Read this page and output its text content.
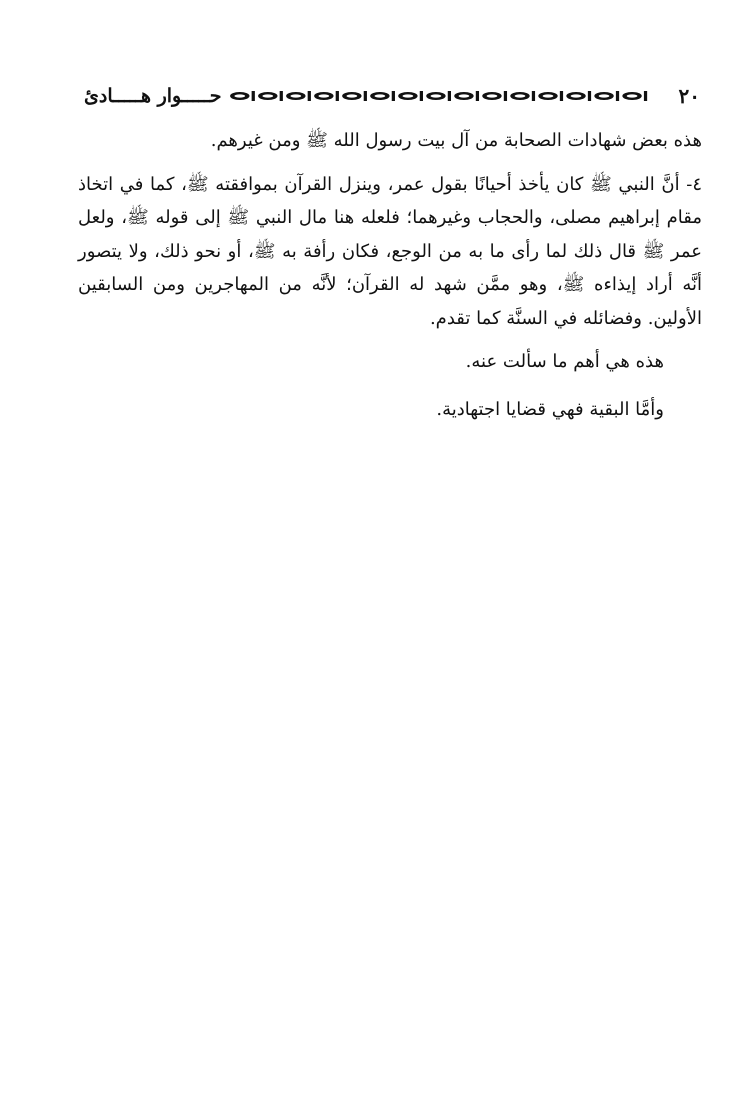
٢٠
حـــــوار هـــــادئ

هذه بعض شهادات الصحابة من آل بيت رسول الله ﷺ ومن غيرهم.

٤- أنَّ النبي ﷺ كان يأخذ أحيانًا بقول عمر، وينزل القرآن بموافقته ﷺ، كما في اتخاذ مقام إبراهيم مصلى، والحجاب وغيرهما؛ فلعله هنا مال النبي ﷺ إلى قوله ﷺ، ولعل عمر ﷺ قال ذلك لما رأى ما به من الوجع، فكان رأفة به ﷺ، أو نحو ذلك، ولا يتصور أنَّه أراد إيذاءه ﷺ، وهو ممَّن شهد له القرآن؛ لأنَّه من المهاجرين ومن السابقين الأولين. وفضائله في السنَّة كما تقدم.

هذه هي أهم ما سألت عنه.

وأمَّا البقية فهي قضايا اجتهادية.
